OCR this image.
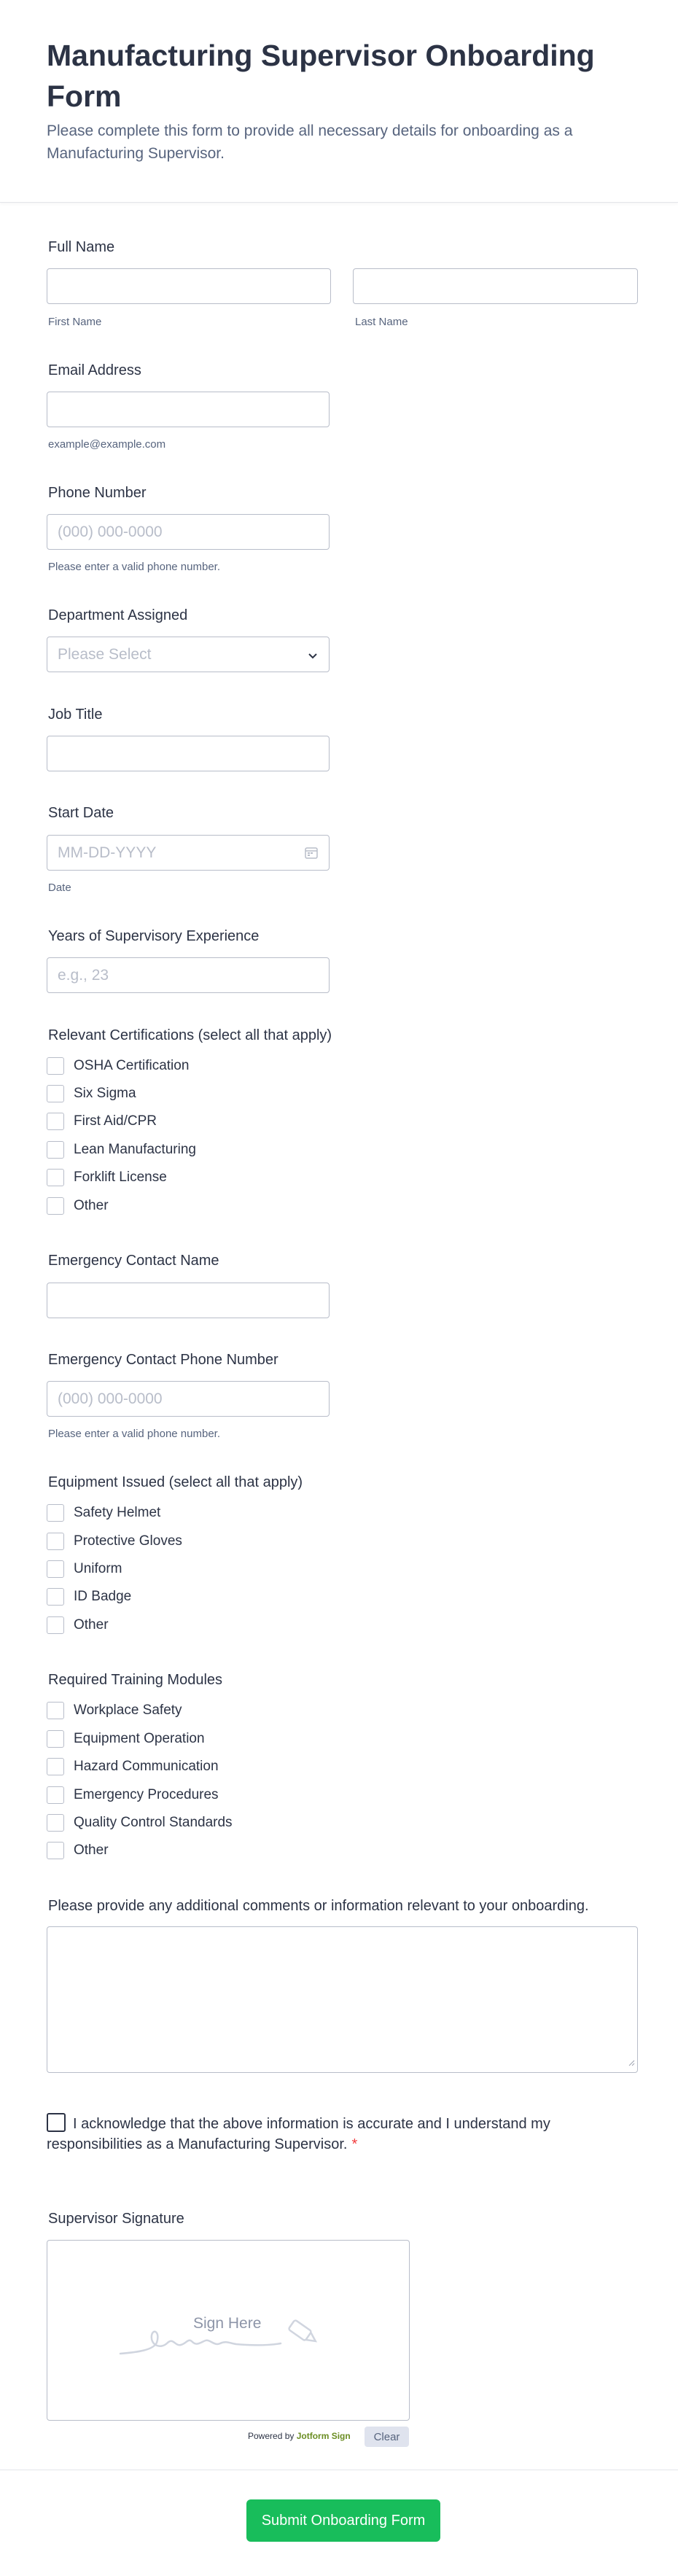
Manufacturing Supervisor Onboarding Form
Please complete this form to provide all necessary details for onboarding as a Manufacturing Supervisor.
Full Name
First Name	Last Name
Email Address
example@example.com
Phone Number
(000) 000-0000
Please enter a valid phone number.
Department Assigned
Please Select
Job Title
Start Date
MM-DD-YYYY
Date
Years of Supervisory Experience
e.g., 23
Relevant Certifications (select all that apply)
OSHA Certification
Six Sigma
First Aid/CPR
Lean Manufacturing
Forklift License
Other
Emergency Contact Name
Emergency Contact Phone Number
(000) 000-0000
Please enter a valid phone number.
Equipment Issued (select all that apply)
Safety Helmet
Protective Gloves
Uniform
ID Badge
Other
Required Training Modules
Workplace Safety
Equipment Operation
Hazard Communication
Emergency Procedures
Quality Control Standards
Other
Please provide any additional comments or information relevant to your onboarding.
I acknowledge that the above information is accurate and I understand my responsibilities as a Manufacturing Supervisor. *
Supervisor Signature
Sign Here
Powered by Jotform Sign	Clear
Submit Onboarding Form
